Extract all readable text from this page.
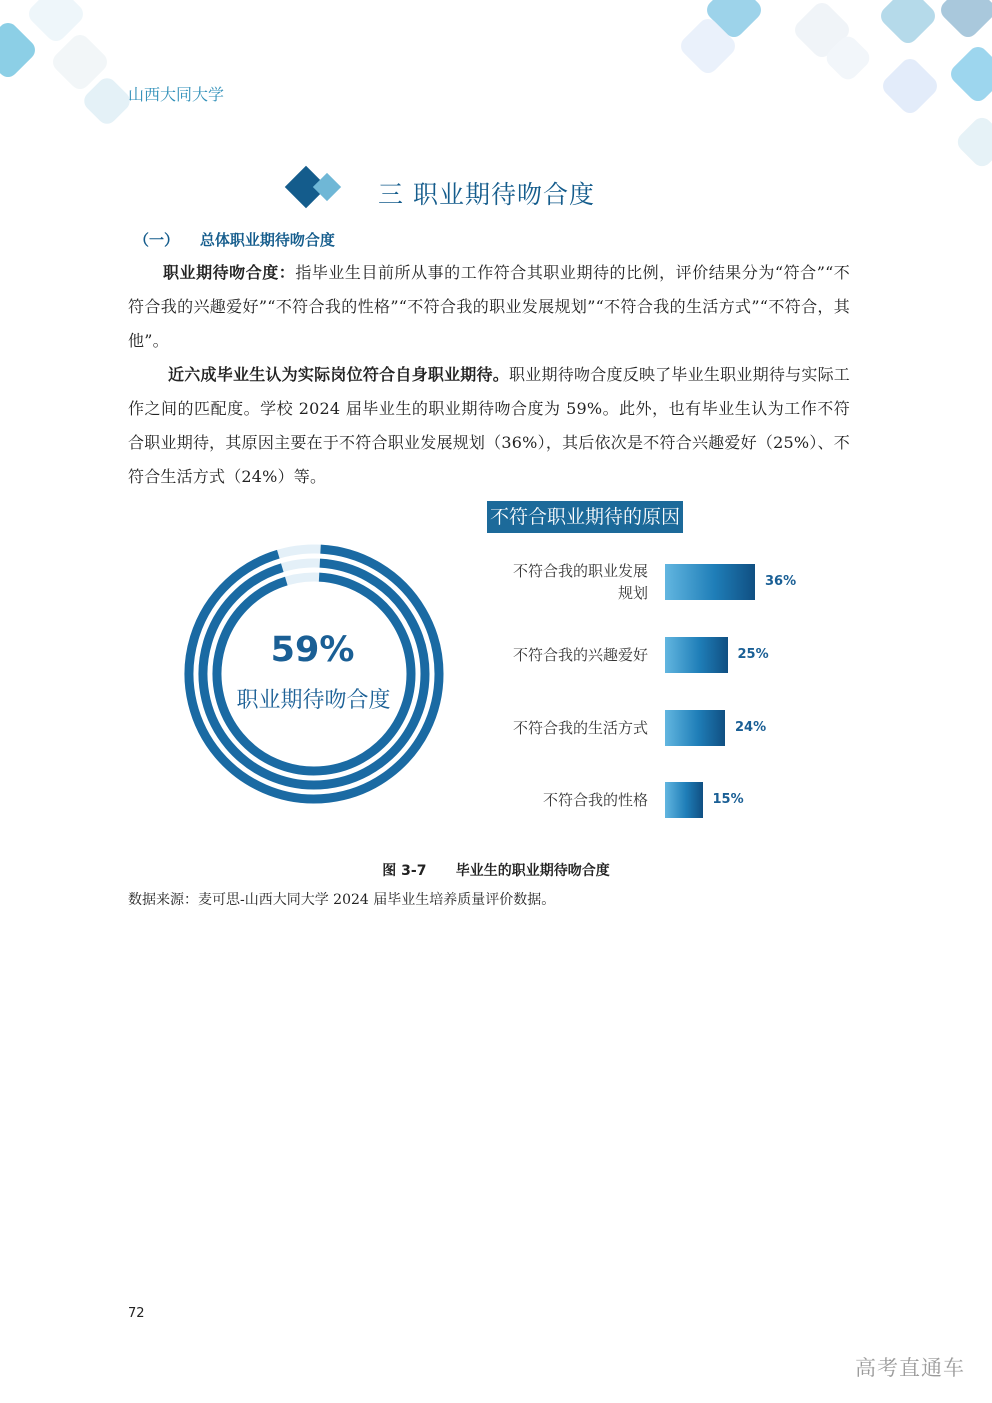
山西大同大学
三 职业期待吻合度
（一）    总体职业期待吻合度

职业期待吻合度：指毕业生目前所从事的工作符合其职业期待的比例，评价结果分为“符合”“不符合我的兴趣爱好”“不符合我的性格”“不符合我的职业发展规划”“不符合我的生活方式”“不符合，其他”。

近六成毕业生认为实际岗位符合自身职业期待。职业期待吻合度反映了毕业生职业期待与实际工作之间的匹配度。学校 2024 届毕业生的职业期待吻合度为 59%。此外，也有毕业生认为工作不符合职业期待，其原因主要在于不符合职业发展规划（36%），其后依次是不符合兴趣爱好（25%）、不符合生活方式（24%）等。

59%
职业期待吻合度
不符合职业期待的原因
不符合我的职业发展
规划
36%
不符合我的兴趣爱好	25%
不符合我的生活方式	24%
不符合我的性格	15%
图 3-7      毕业生的职业期待吻合度
数据来源：麦可思-山西大同大学 2024 届毕业生培养质量评价数据。
72
高考直通车
